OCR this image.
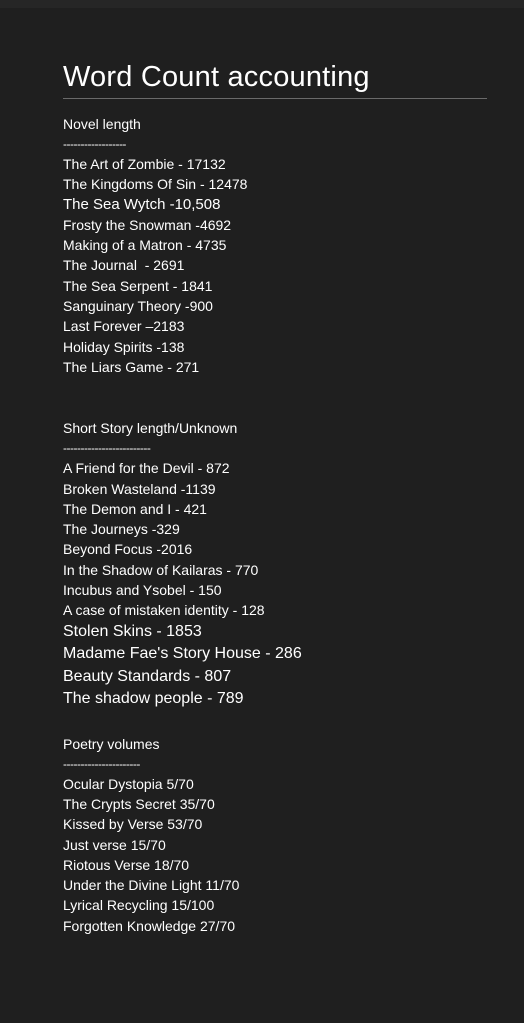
Word Count accounting
Novel length
------------------
The Art of Zombie - 17132
The Kingdoms Of Sin - 12478
The Sea Wytch -10,508
Frosty the Snowman -4692
Making of a Matron - 4735
The Journal  - 2691
The Sea Serpent - 1841
Sanguinary Theory -900
Last Forever –2183
Holiday Spirits -138
The Liars Game - 271
Short Story length/Unknown
-------------------------
A Friend for the Devil - 872
Broken Wasteland -1139
The Demon and I - 421
The Journeys -329
Beyond Focus -2016
In the Shadow of Kailaras - 770
Incubus and Ysobel - 150
A case of mistaken identity - 128
Stolen Skins - 1853
Madame Fae's Story House - 286
Beauty Standards - 807
The shadow people - 789
Poetry volumes
----------------------
Ocular Dystopia 5/70
The Crypts Secret 35/70
Kissed by Verse 53/70
Just verse 15/70
Riotous Verse 18/70
Under the Divine Light 11/70
Lyrical Recycling 15/100
Forgotten Knowledge 27/70
